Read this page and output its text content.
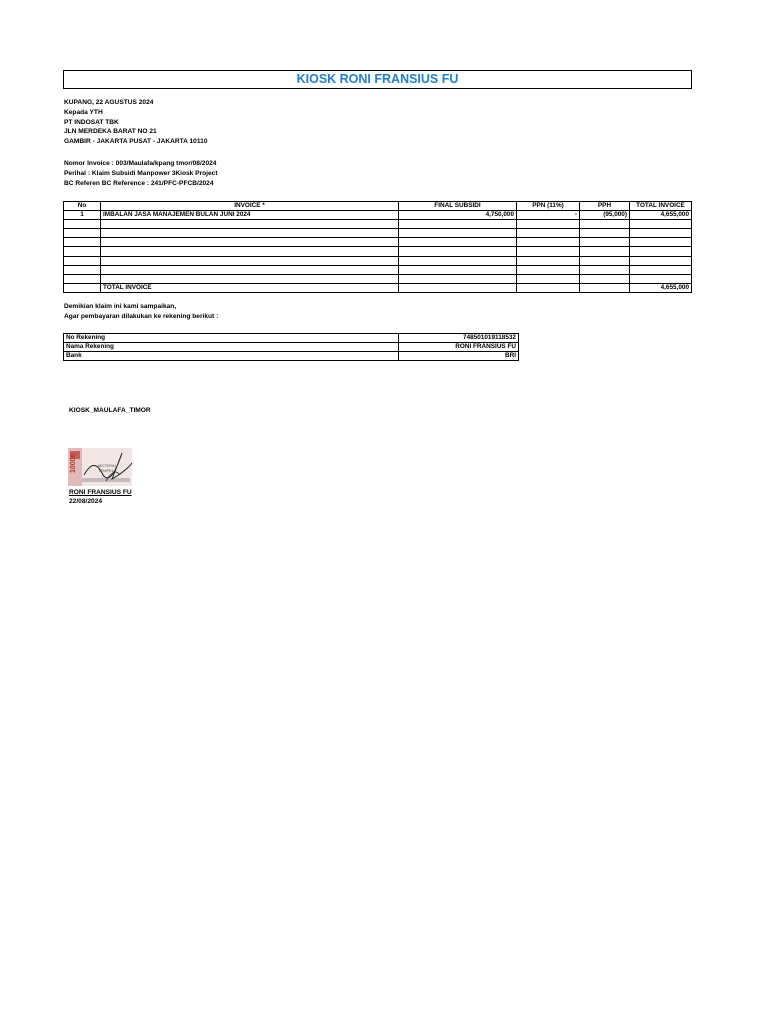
KIOSK RONI FRANSIUS FU
KUPANG, 22 AGUSTUS 2024
Kepada YTH
PT INDOSAT TBK
JLN MERDEKA BARAT NO 21
GAMBIR - JAKARTA PUSAT - JAKARTA 10110
Nomor Invoice : 003/Maulafa/kpang tmor/08/2024
Perihal : Klaim Subsidi Manpower 3Kiosk Project
BC Referen BC Reference : 241/PFC-PFCB/2024
No	INVOICE *	FINAL SUBSIDI	PPN (11%)	PPH	TOTAL INVOICE
1	IMBALAN JASA MANAJEMEN BULAN JUNI 2024	4,750,000	-	(95,000)	4,655,000

	TOTAL INVOICE				4,655,000
Demikian klaim ini kami sampaikan,
Agar pembayaran dilakukan ke rekening berikut :
No Rekening	748501019118532
Nama Rekening	RONI FRANSIUS FU
Bank	BRI
KIOSK_MAULAFA_TIMOR
10000	METERAI
TEMPEL
RONI FRANSIUS FU
22/08/2024
